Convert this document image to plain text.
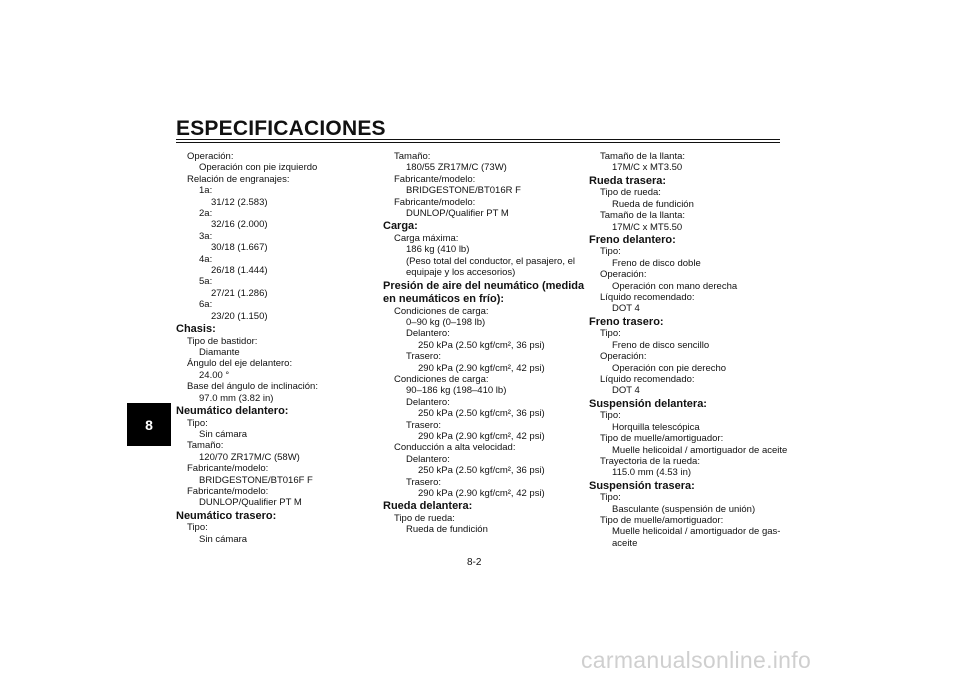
ESPECIFICACIONES
8
Operación:
Operación con pie izquierdo
Relación de engranajes:
1a:
31/12 (2.583)
2a:
32/16 (2.000)
3a:
30/18 (1.667)
4a:
26/18 (1.444)
5a:
27/21 (1.286)
6a:
23/20 (1.150)
Chasis:
Tipo de bastidor:
Diamante
Ángulo del eje delantero:
24.00 °
Base del ángulo de inclinación:
97.0 mm (3.82 in)
Neumático delantero:
Tipo:
Sin cámara
Tamaño:
120/70 ZR17M/C (58W)
Fabricante/modelo:
BRIDGESTONE/BT016F F
Fabricante/modelo:
DUNLOP/Qualifier PT M
Neumático trasero:
Tipo:
Sin cámara
Tamaño:
180/55 ZR17M/C (73W)
Fabricante/modelo:
BRIDGESTONE/BT016R F
Fabricante/modelo:
DUNLOP/Qualifier PT M
Carga:
Carga máxima:
186 kg (410 lb)
(Peso total del conductor, el pasajero, el
equipaje y los accesorios)
Presión de aire del neumático (medida
en neumáticos en frío):
Condiciones de carga:
0–90 kg (0–198 lb)
Delantero:
250 kPa (2.50 kgf/cm², 36 psi)
Trasero:
290 kPa (2.90 kgf/cm², 42 psi)
Condiciones de carga:
90–186 kg (198–410 lb)
Delantero:
250 kPa (2.50 kgf/cm², 36 psi)
Trasero:
290 kPa (2.90 kgf/cm², 42 psi)
Conducción a alta velocidad:
Delantero:
250 kPa (2.50 kgf/cm², 36 psi)
Trasero:
290 kPa (2.90 kgf/cm², 42 psi)
Rueda delantera:
Tipo de rueda:
Rueda de fundición
Tamaño de la llanta:
17M/C x MT3.50
Rueda trasera:
Tipo de rueda:
Rueda de fundición
Tamaño de la llanta:
17M/C x MT5.50
Freno delantero:
Tipo:
Freno de disco doble
Operación:
Operación con mano derecha
Líquido recomendado:
DOT 4
Freno trasero:
Tipo:
Freno de disco sencillo
Operación:
Operación con pie derecho
Líquido recomendado:
DOT 4
Suspensión delantera:
Tipo:
Horquilla telescópica
Tipo de muelle/amortiguador:
Muelle helicoidal / amortiguador de aceite
Trayectoria de la rueda:
115.0 mm (4.53 in)
Suspensión trasera:
Tipo:
Basculante (suspensión de unión)
Tipo de muelle/amortiguador:
Muelle helicoidal / amortiguador de gas-
aceite
8-2
carmanualsonline.info
